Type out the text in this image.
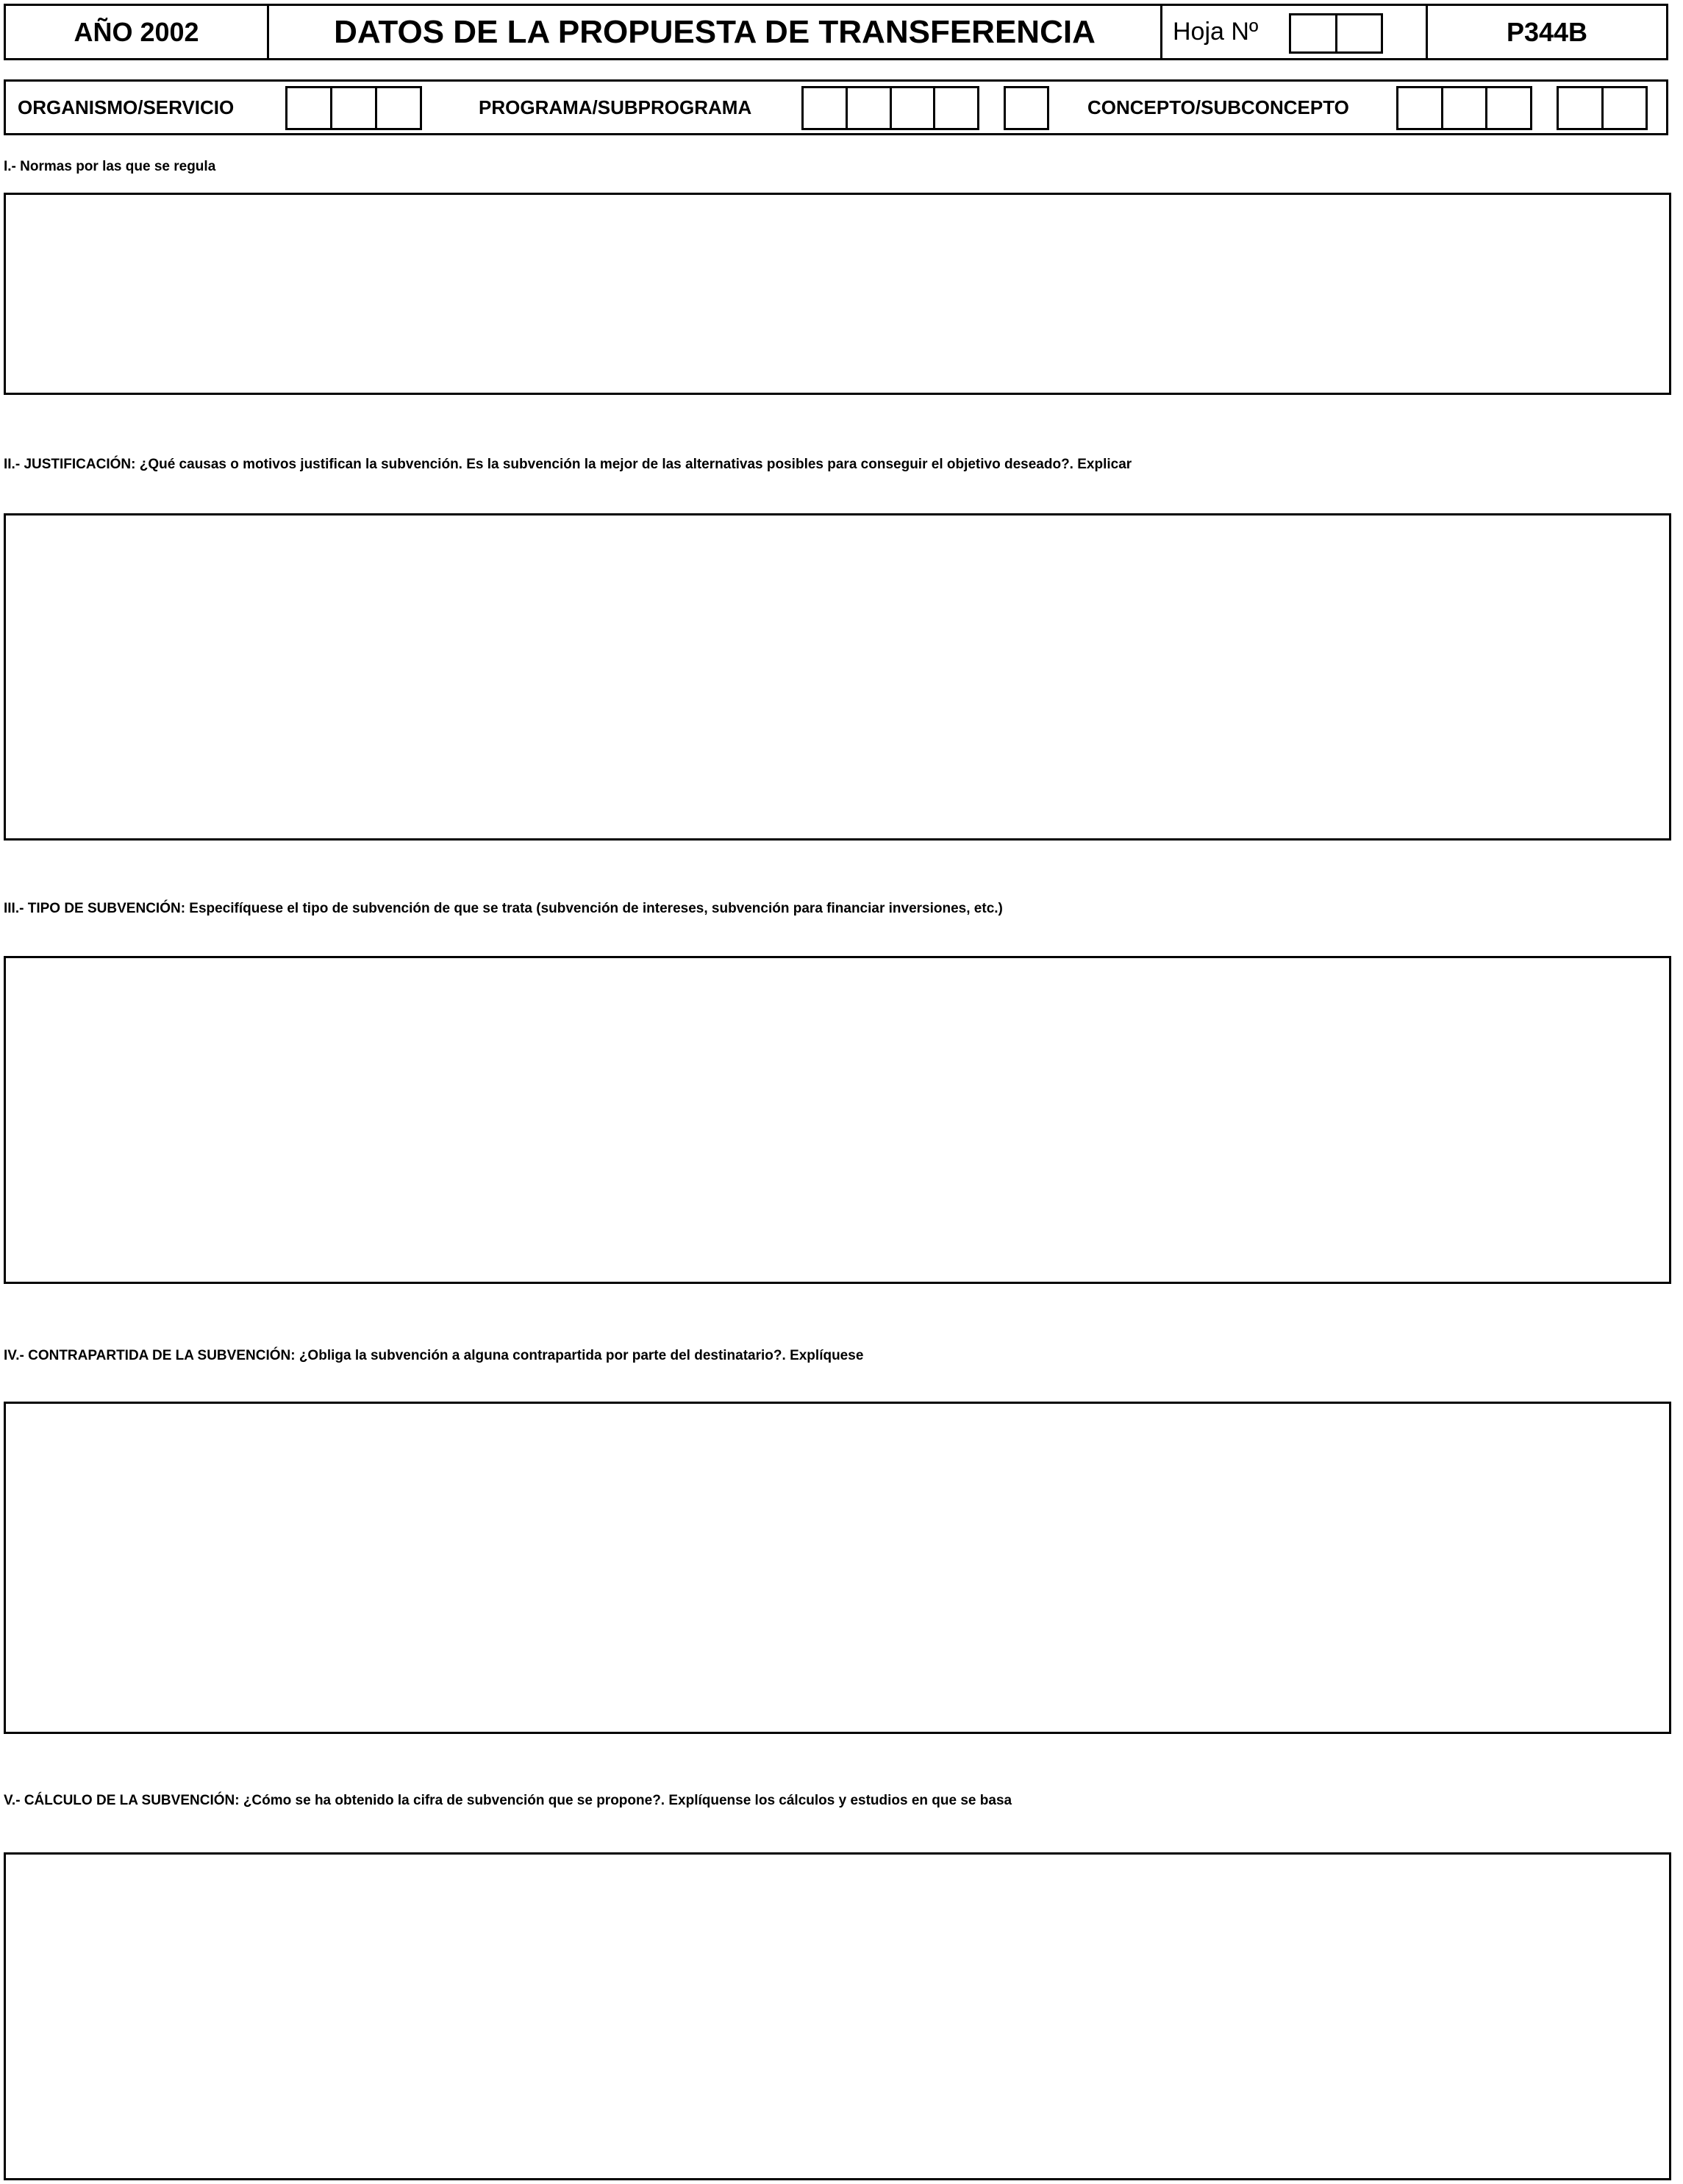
AÑO 2002	DATOS DE LA PROPUESTA DE TRANSFERENCIA	Hoja Nº	P344B
ORGANISMO/SERVICIO	PROGRAMA/SUBPROGRAMA	CONCEPTO/SUBCONCEPTO
I.- Normas por las que se regula
II.- JUSTIFICACIÓN: ¿Qué causas o motivos justifican la subvención. Es la subvención la mejor de las alternativas posibles para conseguir el objetivo deseado?. Explicar
III.- TIPO DE SUBVENCIÓN: Especifíquese el tipo de subvención de que se trata (subvención de intereses, subvención para financiar inversiones, etc.)
IV.- CONTRAPARTIDA DE LA SUBVENCIÓN: ¿Obliga la subvención a alguna contrapartida por parte del destinatario?. Explíquese
V.- CÁLCULO DE LA SUBVENCIÓN: ¿Cómo se ha obtenido la cifra de subvención que se propone?. Explíquense los cálculos y estudios en que se basa
